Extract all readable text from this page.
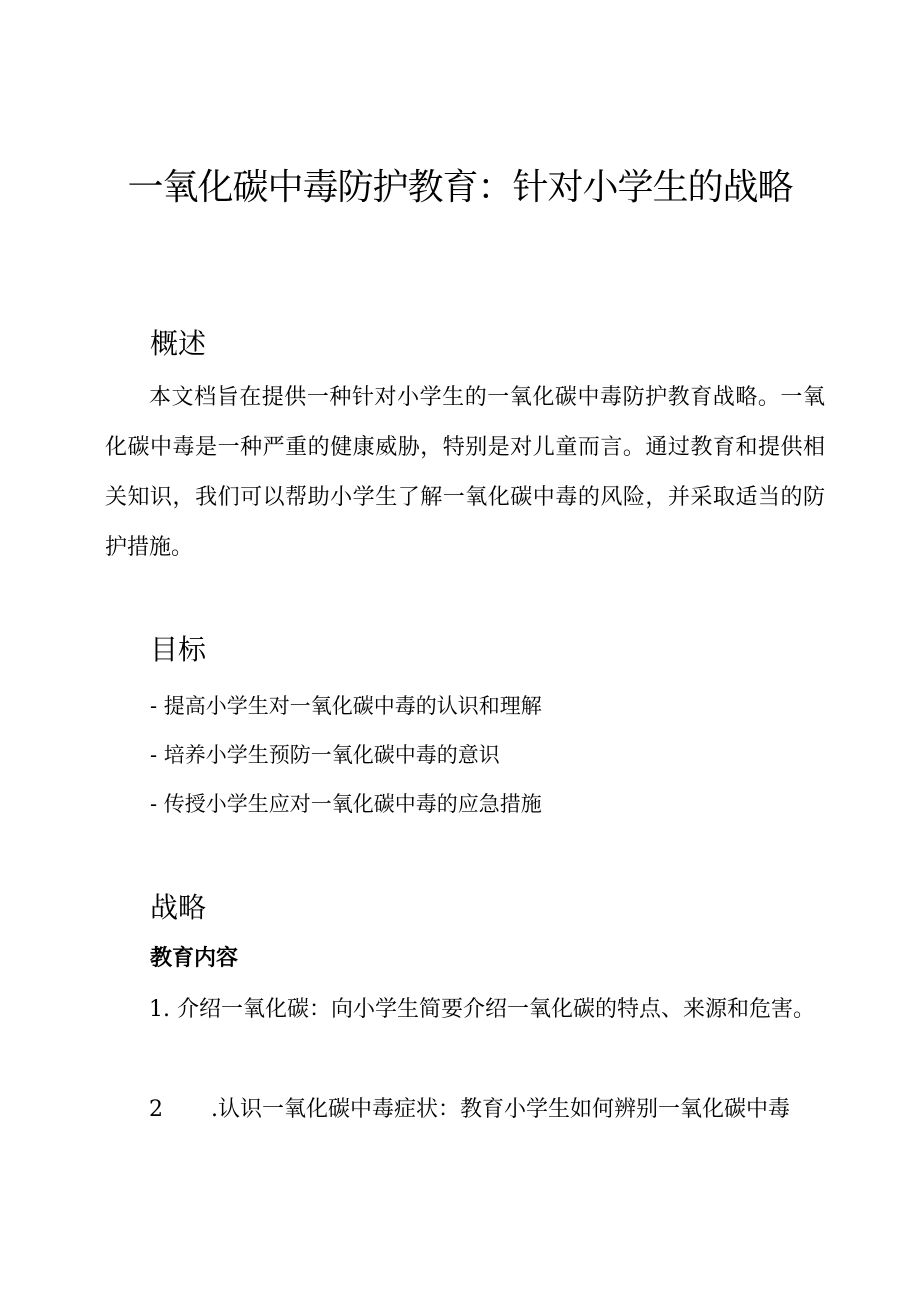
一氧化碳中毒防护教育：针对小学生的战略
概述

本文档旨在提供一种针对小学生的一氧化碳中毒防护教育战略。一氧化碳中毒是一种严重的健康威胁，特别是对儿童而言。通过教育和提供相关知识，我们可以帮助小学生了解一氧化碳中毒的风险，并采取适当的防护措施。

目标
- 提高小学生对一氧化碳中毒的认识和理解
- 培养小学生预防一氧化碳中毒的意识
- 传授小学生应对一氧化碳中毒的应急措施
战略
教育内容

1. 介绍一氧化碳：向小学生简要介绍一氧化碳的特点、来源和危害。

2 .认识一氧化碳中毒症状：教育小学生如何辨别一氧化碳中毒
